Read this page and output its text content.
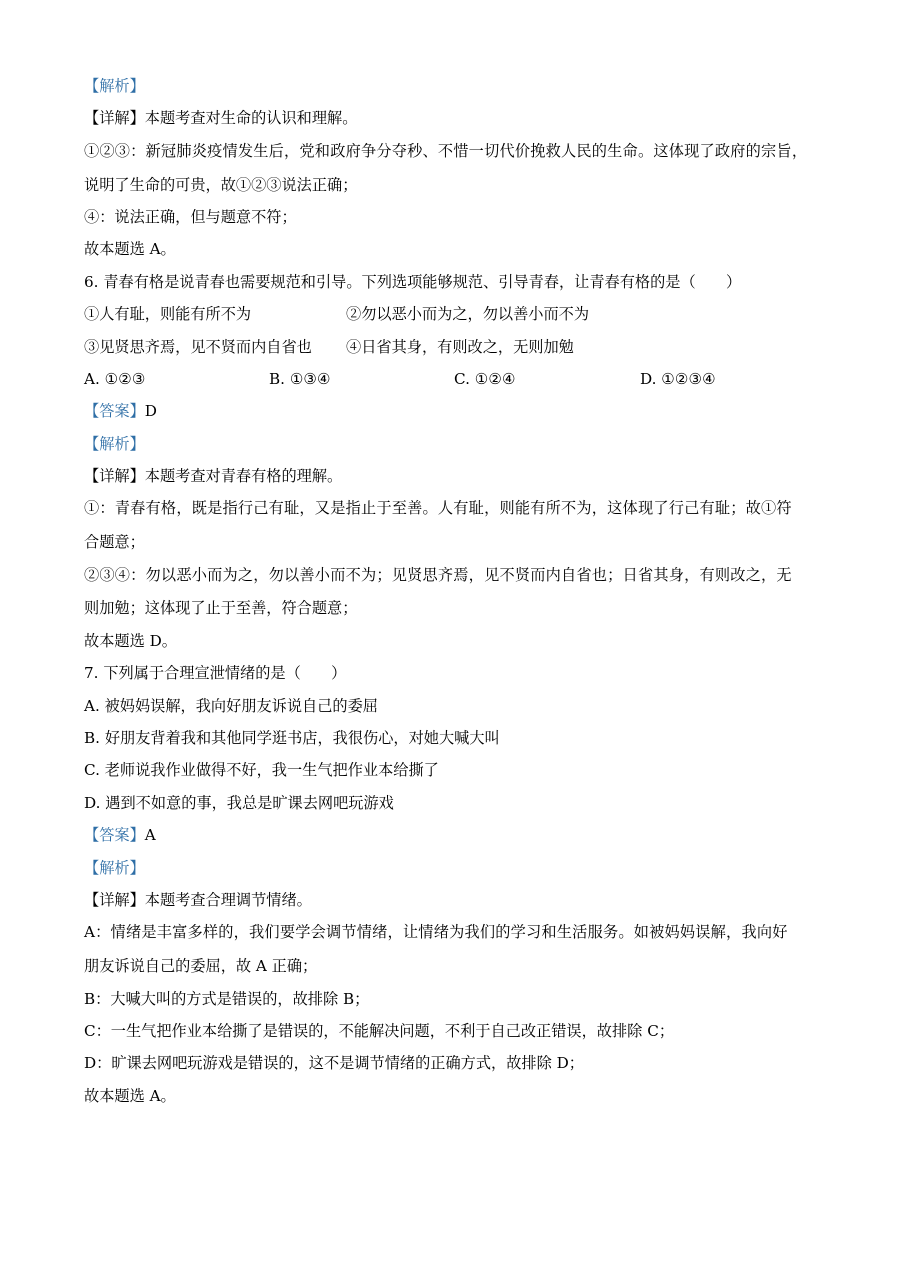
【解析】
【详解】本题考查对生命的认识和理解。
①②③：新冠肺炎疫情发生后，党和政府争分夺秒、不惜一切代价挽救人民的生命。这体现了政府的宗旨，
说明了生命的可贵，故①②③说法正确；
④：说法正确，但与题意不符；
故本题选 A。
6. 青春有格是说青春也需要规范和引导。下列选项能够规范、引导青春，让青春有格的是（　　）
①人有耻，则能有所不为	②勿以恶小而为之，勿以善小而不为
③见贤思齐焉，见不贤而内自省也	④日省其身，有则改之，无则加勉
A. ①②③	B. ①③④	C. ①②④	D. ①②③④
【答案】D
【解析】
【详解】本题考查对青春有格的理解。
①：青春有格，既是指行己有耻，又是指止于至善。人有耻，则能有所不为，这体现了行己有耻；故①符
合题意；
②③④：勿以恶小而为之，勿以善小而不为；见贤思齐焉，见不贤而内自省也；日省其身，有则改之，无
则加勉；这体现了止于至善，符合题意；
故本题选 D。
7. 下列属于合理宣泄情绪的是（　　）
A. 被妈妈误解，我向好朋友诉说自己的委屈
B. 好朋友背着我和其他同学逛书店，我很伤心，对她大喊大叫
C. 老师说我作业做得不好，我一生气把作业本给撕了
D. 遇到不如意的事，我总是旷课去网吧玩游戏
【答案】A
【解析】
【详解】本题考查合理调节情绪。
A：情绪是丰富多样的，我们要学会调节情绪，让情绪为我们的学习和生活服务。如被妈妈误解，我向好
朋友诉说自己的委屈，故 A 正确；
B：大喊大叫的方式是错误的，故排除 B；
C：一生气把作业本给撕了是错误的，不能解决问题，不利于自己改正错误，故排除 C；
D：旷课去网吧玩游戏是错误的，这不是调节情绪的正确方式，故排除 D；
故本题选 A。
